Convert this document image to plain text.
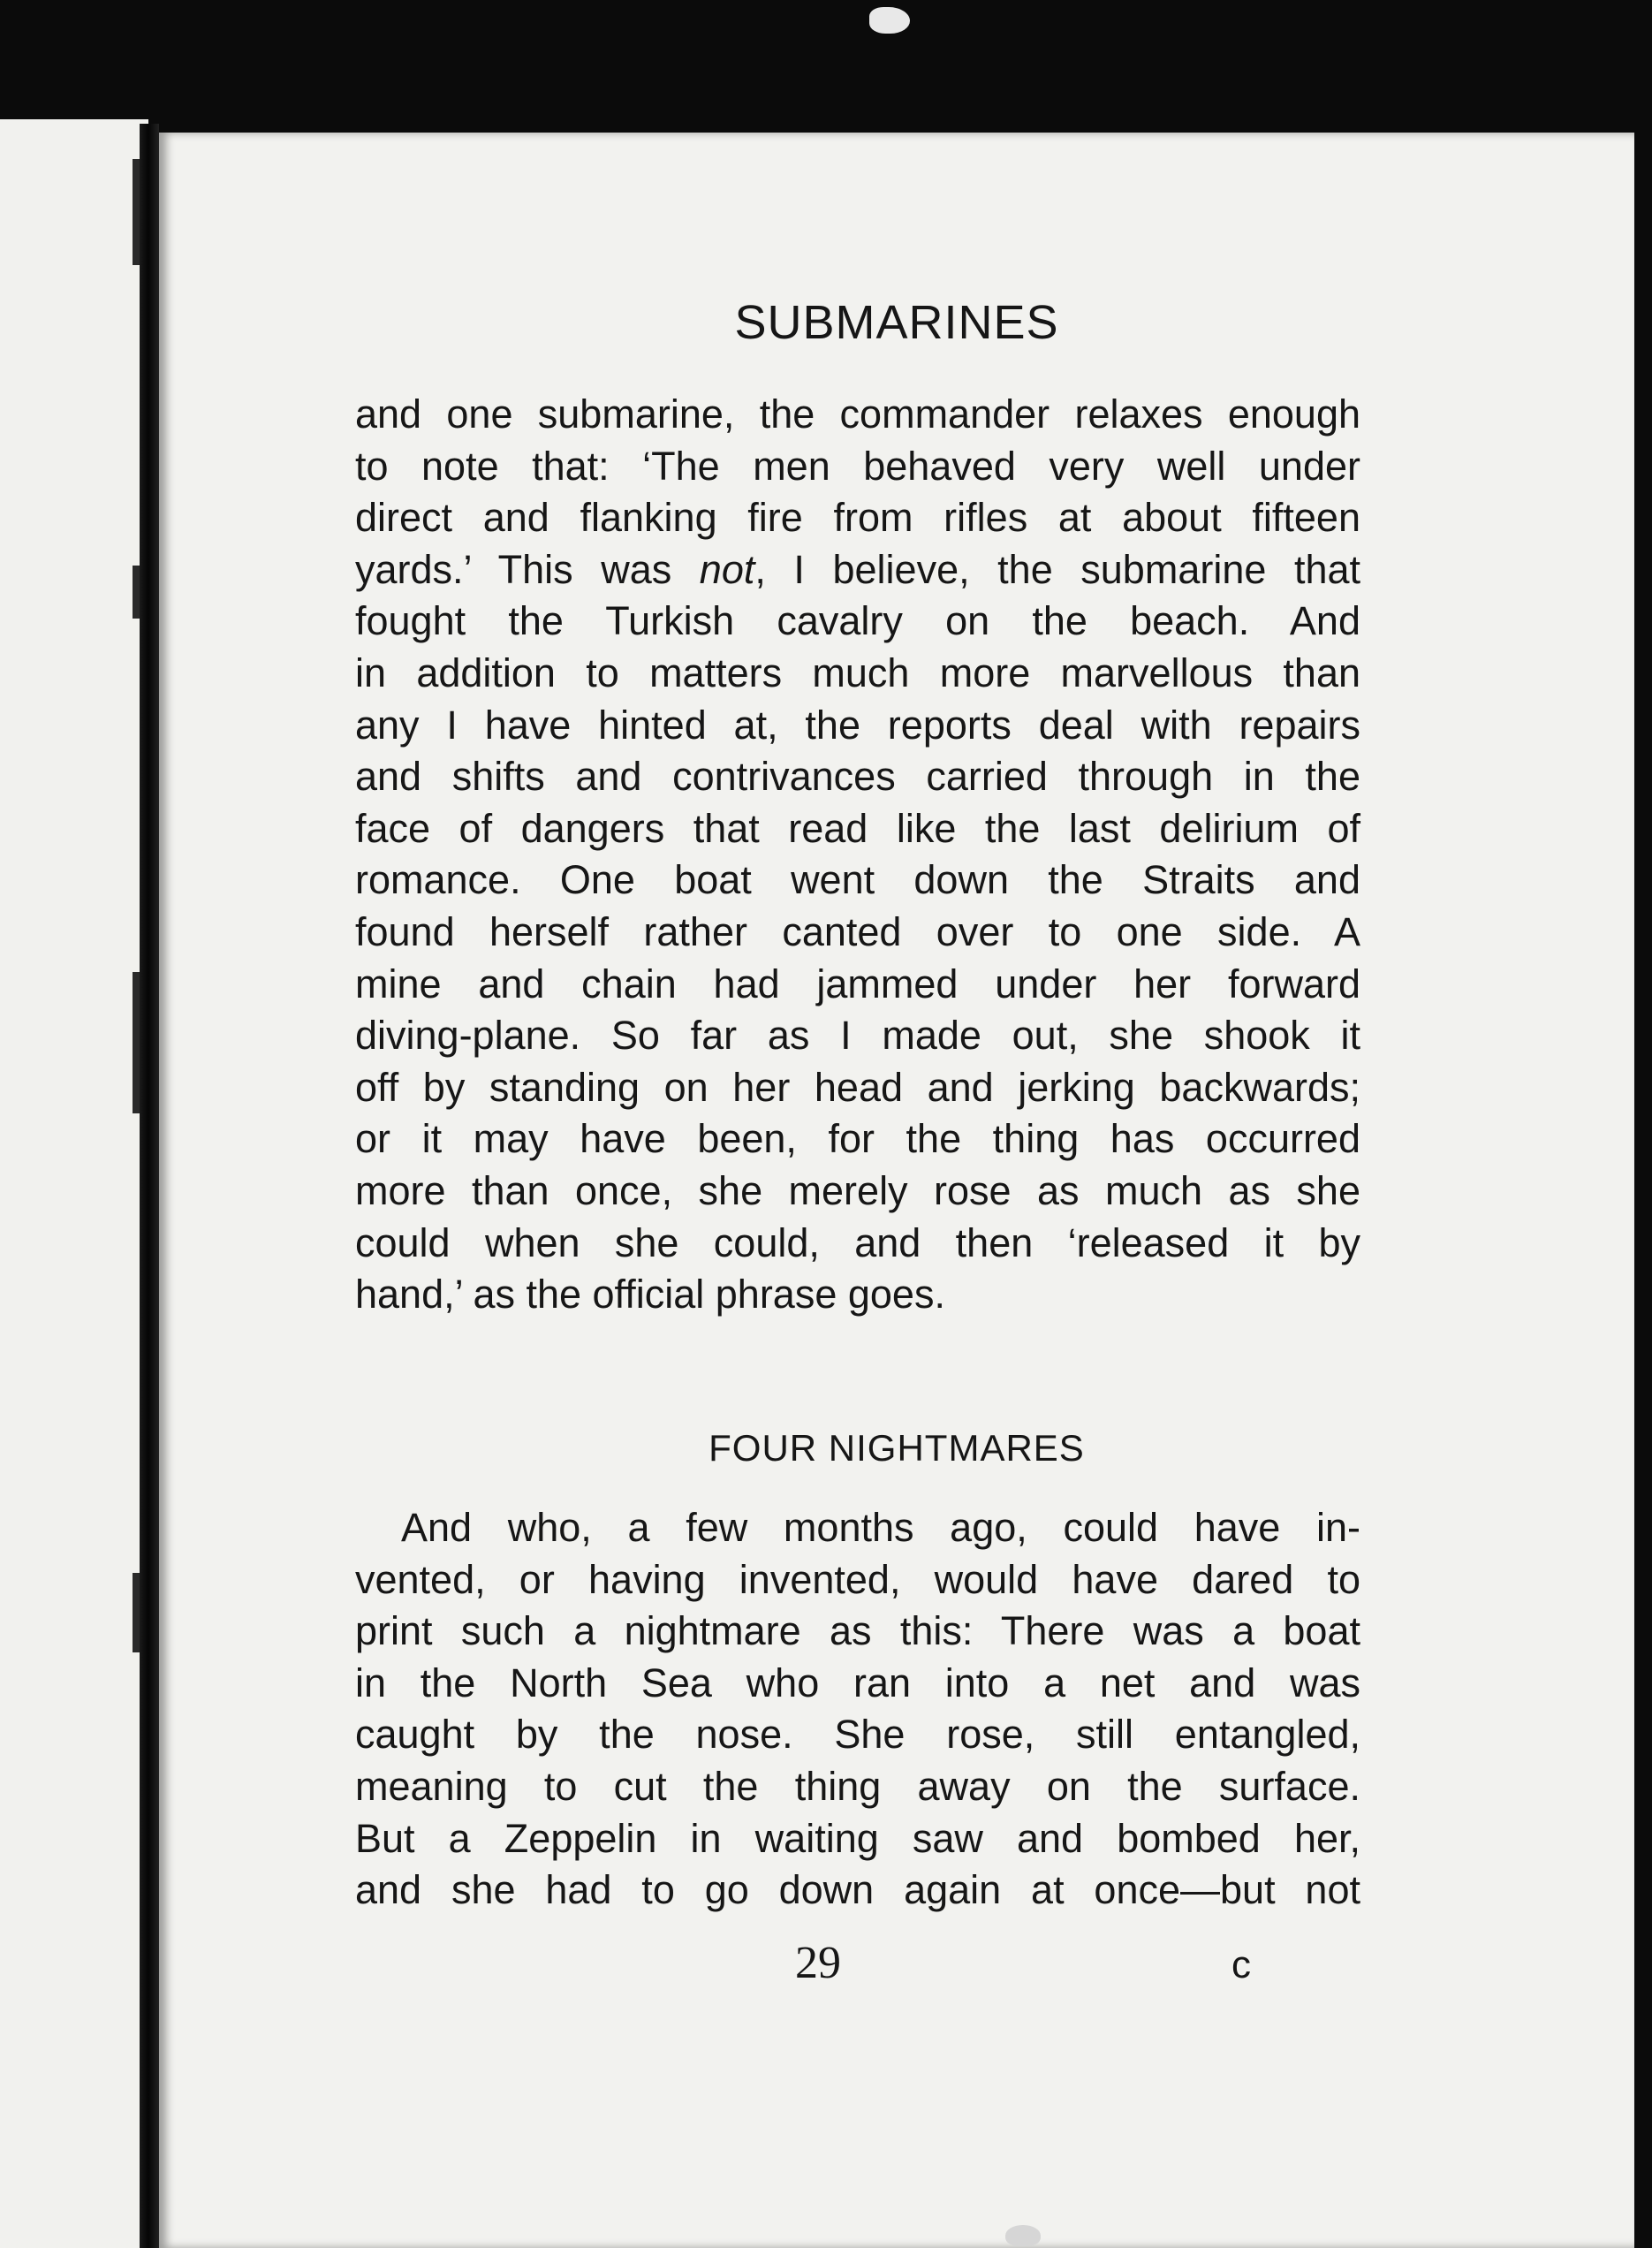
SUBMARINES
and one submarine, the commander relaxes enough
to note that: ‘The men behaved very well under
direct and flanking fire from rifles at about fifteen
yards.’ This was not, I believe, the submarine that
fought the Turkish cavalry on the beach. And
in addition to matters much more marvellous than
any I have hinted at, the reports deal with repairs
and shifts and contrivances carried through in the
face of dangers that read like the last delirium of
romance. One boat went down the Straits and
found herself rather canted over to one side. A
mine and chain had jammed under her forward
diving-plane. So far as I made out, she shook it
off by standing on her head and jerking backwards;
or it may have been, for the thing has occurred
more than once, she merely rose as much as she
could when she could, and then ‘released it by
hand,’ as the official phrase goes.
FOUR NIGHTMARES
And who, a few months ago, could have in-
vented, or having invented, would have dared to
print such a nightmare as this: There was a boat
in the North Sea who ran into a net and was
caught by the nose. She rose, still entangled,
meaning to cut the thing away on the surface.
But a Zeppelin in waiting saw and bombed her,
and she had to go down again at once—but not
29	c
